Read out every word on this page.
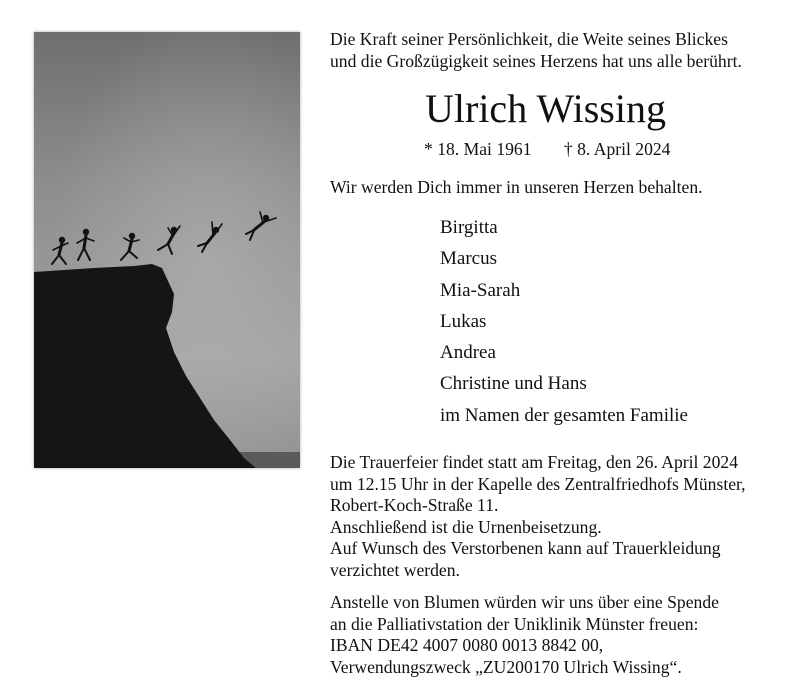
Die Kraft seiner Persönlichkeit, die Weite seines Blickes
und die Großzügigkeit seines Herzens hat uns alle berührt.
Ulrich Wissing
* 18. Mai 1961 † 8. April 2024
Wir werden Dich immer in unseren Herzen behalten.
Birgitta
Marcus
Mia-Sarah
Lukas
Andrea
Christine und Hans
im Namen der gesamten Familie
Die Trauerfeier findet statt am Freitag, den 26. April 2024
um 12.15 Uhr in der Kapelle des Zentralfriedhofs Münster,
Robert-Koch-Straße 11.
Anschließend ist die Urnenbeisetzung.
Auf Wunsch des Verstorbenen kann auf Trauerkleidung
verzichtet werden.
Anstelle von Blumen würden wir uns über eine Spende
an die Palliativstation der Uniklinik Münster freuen:
IBAN DE42 4007 0080 0013 8842 00,
Verwendungszweck „ZU200170 Ulrich Wissing“.
